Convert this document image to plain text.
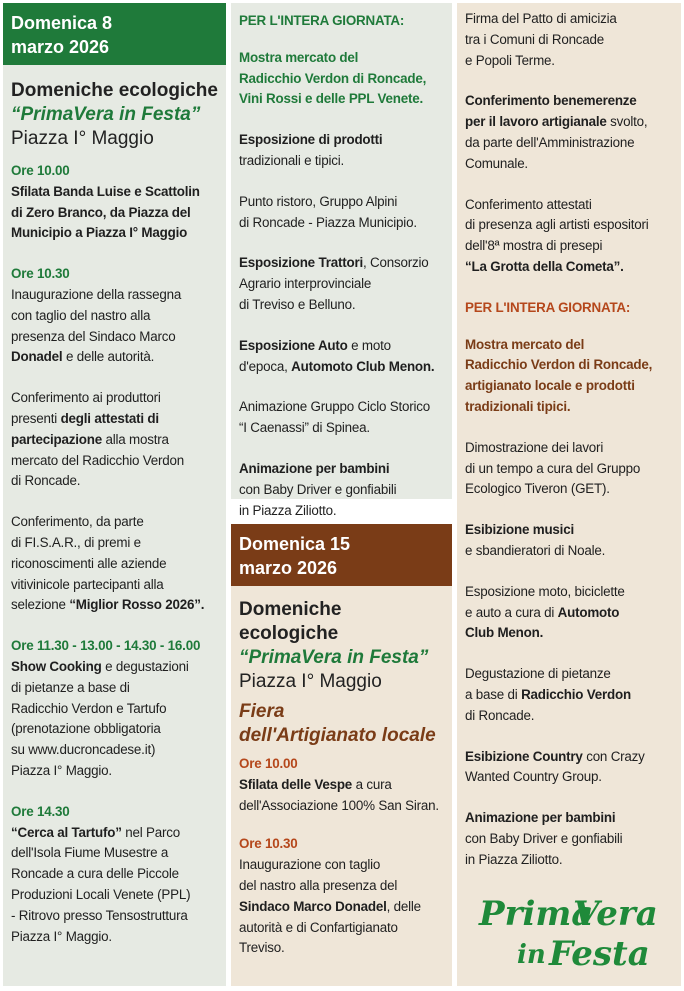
Domenica 8
marzo 2026
Domeniche ecologiche
“PrimaVera in Festa”
Piazza I° Maggio
Ore 10.00
Sfilata Banda Luise e Scattolin
di Zero Branco, da Piazza del
Municipio a Piazza I° Maggio
Ore 10.30
Inaugurazione della rassegna
con taglio del nastro alla
presenza del Sindaco Marco
Donadel e delle autorità.
Conferimento ai produttori
presenti degli attestati di
partecipazione alla mostra
mercato del Radicchio Verdon
di Roncade.
Conferimento, da parte
di FI.S.A.R., di premi e
riconoscimenti alle aziende
vitivinicole partecipanti alla
selezione “Miglior Rosso 2026”.
Ore 11.30 - 13.00 - 14.30 - 16.00
Show Cooking e degustazioni
di pietanze a base di
Radicchio Verdon e Tartufo
(prenotazione obbligatoria
su www.ducroncadese.it)
Piazza I° Maggio.
Ore 14.30
“Cerca al Tartufo” nel Parco
dell'Isola Fiume Musestre a
Roncade a cura delle Piccole
Produzioni Locali Venete (PPL)
- Ritrovo presso Tensostruttura
Piazza I° Maggio.
PER L'INTERA GIORNATA:
Mostra mercato del
Radicchio Verdon di Roncade,
Vini Rossi e delle PPL Venete.
Esposizione di prodotti
tradizionali e tipici.
Punto ristoro, Gruppo Alpini
di Roncade - Piazza Municipio.
Esposizione Trattori, Consorzio
Agrario interprovinciale
di Treviso e Belluno.
Esposizione Auto e moto
d'epoca, Automoto Club Menon.
Animazione Gruppo Ciclo Storico
“I Caenassi” di Spinea.
Animazione per bambini
con Baby Driver e gonfiabili
in Piazza Ziliotto.
Domenica 15
marzo 2026
Domeniche ecologiche
“PrimaVera in Festa”
Piazza I° Maggio
Fiera
dell'Artigianato locale
Ore 10.00
Sfilata delle Vespe a cura
dell'Associazione 100% San Siran.
Ore 10.30
Inaugurazione con taglio
del nastro alla presenza del
Sindaco Marco Donadel, delle
autorità e di Confartigianato
Treviso.
Firma del Patto di amicizia
tra i Comuni di Roncade
e Popoli Terme.
Conferimento benemerenze
per il lavoro artigianale svolto,
da parte dell'Amministrazione
Comunale.
Conferimento attestati
di presenza agli artisti espositori
dell'8ª mostra di presepi
“La Grotta della Cometa”.
PER L'INTERA GIORNATA:
Mostra mercato del
Radicchio Verdon di Roncade,
artigianato locale e prodotti
tradizionali tipici.
Dimostrazione dei lavori
di un tempo a cura del Gruppo
Ecologico Tiveron (GET).
Esibizione musici
e sbandieratori di Noale.
Esposizione moto, biciclette
e auto a cura di Automoto
Club Menon.
Degustazione di pietanze
a base di Radicchio Verdon
di Roncade.
Esibizione Country con Crazy
Wanted Country Group.
Animazione per bambini
con Baby Driver e gonfiabili
in Piazza Ziliotto.
Prima
Vera
in Festa
